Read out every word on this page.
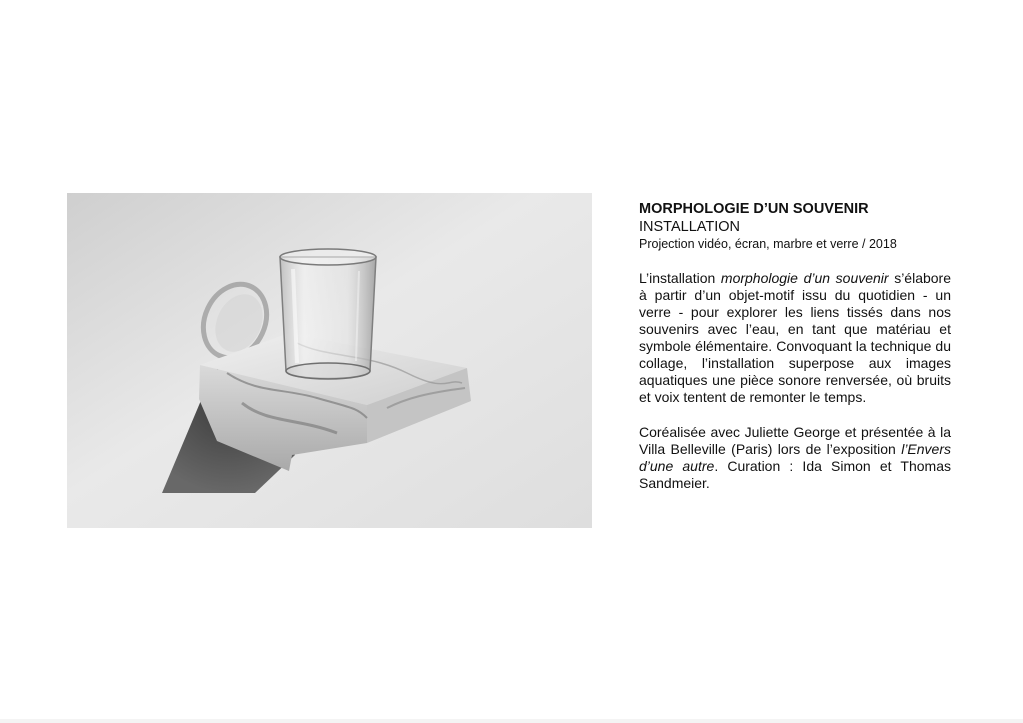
MORPHOLOGIE D’UN SOUVENIR

INSTALLATION

Projection vidéo, écran, marbre et verre / 2018

L’installation morphologie d’un souvenir s’élabore à partir d’un objet-motif issu du quotidien - un verre - pour explorer les liens tissés dans nos souvenirs avec l’eau, en tant que matériau et symbole élémentaire. Convoquant la technique du collage, l’installation superpose aux images aquatiques une pièce sonore renversée, où bruits et voix tentent de remonter le temps.

Coréalisée avec Juliette George et présentée à la Villa Belleville (Paris) lors de l’exposition l’Envers d’une autre. Curation : Ida Simon et Thomas Sandmeier.
